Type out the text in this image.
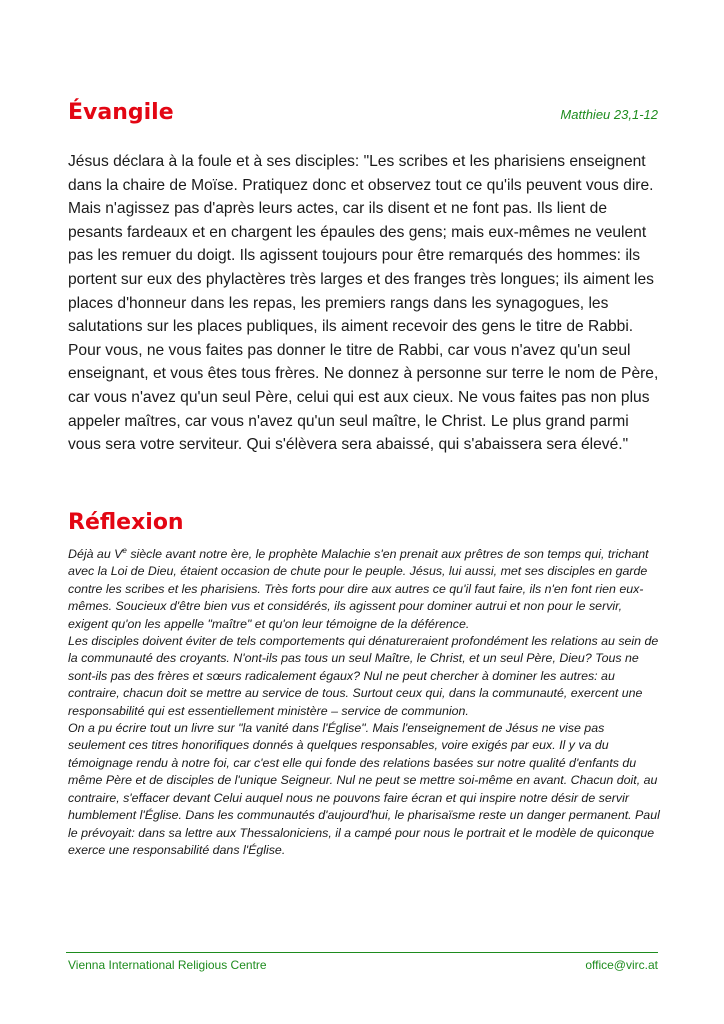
Évangile	Matthieu 23,1-12

Jésus déclara à la foule et à ses disciples: "Les scribes et les pharisiens enseignent dans la chaire de Moïse. Pratiquez donc et observez tout ce qu'ils peuvent vous dire. Mais n'agissez pas d'après leurs actes, car ils disent et ne font pas. Ils lient de pesants fardeaux et en chargent les épaules des gens; mais eux-mêmes ne veulent pas les remuer du doigt. Ils agissent toujours pour être remarqués des hommes: ils portent sur eux des phylactères très larges et des franges très longues; ils aiment les places d'honneur dans les repas, les premiers rangs dans les synagogues, les salutations sur les places publiques, ils aiment recevoir des gens le titre de Rabbi. Pour vous, ne vous faites pas donner le titre de Rabbi, car vous n'avez qu'un seul enseignant, et vous êtes tous frères. Ne donnez à personne sur terre le nom de Père, car vous n'avez qu'un seul Père, celui qui est aux cieux. Ne vous faites pas non plus appeler maîtres, car vous n'avez qu'un seul maître, le Christ. Le plus grand parmi vous sera votre serviteur. Qui s'élèvera sera abaissé, qui s'abaissera sera élevé."

Réflexion

Déjà au Ve siècle avant notre ère, le prophète Malachie s'en prenait aux prêtres de son temps qui, trichant avec la Loi de Dieu, étaient occasion de chute pour le peuple. Jésus, lui aussi, met ses disciples en garde contre les scribes et les pharisiens. Très forts pour dire aux autres ce qu'il faut faire, ils n'en font rien eux-mêmes. Soucieux d'être bien vus et considérés, ils agissent pour dominer autrui et non pour le servir, exigent qu'on les appelle "maître" et qu'on leur témoigne de la déférence.

Les disciples doivent éviter de tels comportements qui dénatureraient profondément les relations au sein de la communauté des croyants. N'ont-ils pas tous un seul Maître, le Christ, et un seul Père, Dieu? Tous ne sont-ils pas des frères et sœurs radicalement égaux? Nul ne peut chercher à dominer les autres: au contraire, chacun doit se mettre au service de tous. Surtout ceux qui, dans la communauté, exercent une responsabilité qui est essentiellement ministère – service de communion.

On a pu écrire tout un livre sur "la vanité dans l'Église". Mais l'enseignement de Jésus ne vise pas seulement ces titres honorifiques donnés à quelques responsables, voire exigés par eux. Il y va du témoignage rendu à notre foi, car c'est elle qui fonde des relations basées sur notre qualité d'enfants du même Père et de disciples de l'unique Seigneur. Nul ne peut se mettre soi-même en avant. Chacun doit, au contraire, s'effacer devant Celui auquel nous ne pouvons faire écran et qui inspire notre désir de servir humblement l'Église. Dans les communautés d'aujourd'hui, le pharisaïsme reste un danger permanent. Paul le prévoyait: dans sa lettre aux Thessaloniciens, il a campé pour nous le portrait et le modèle de quiconque exerce une responsabilité dans l'Église.

Vienna International Religious Centre	office@virc.at
